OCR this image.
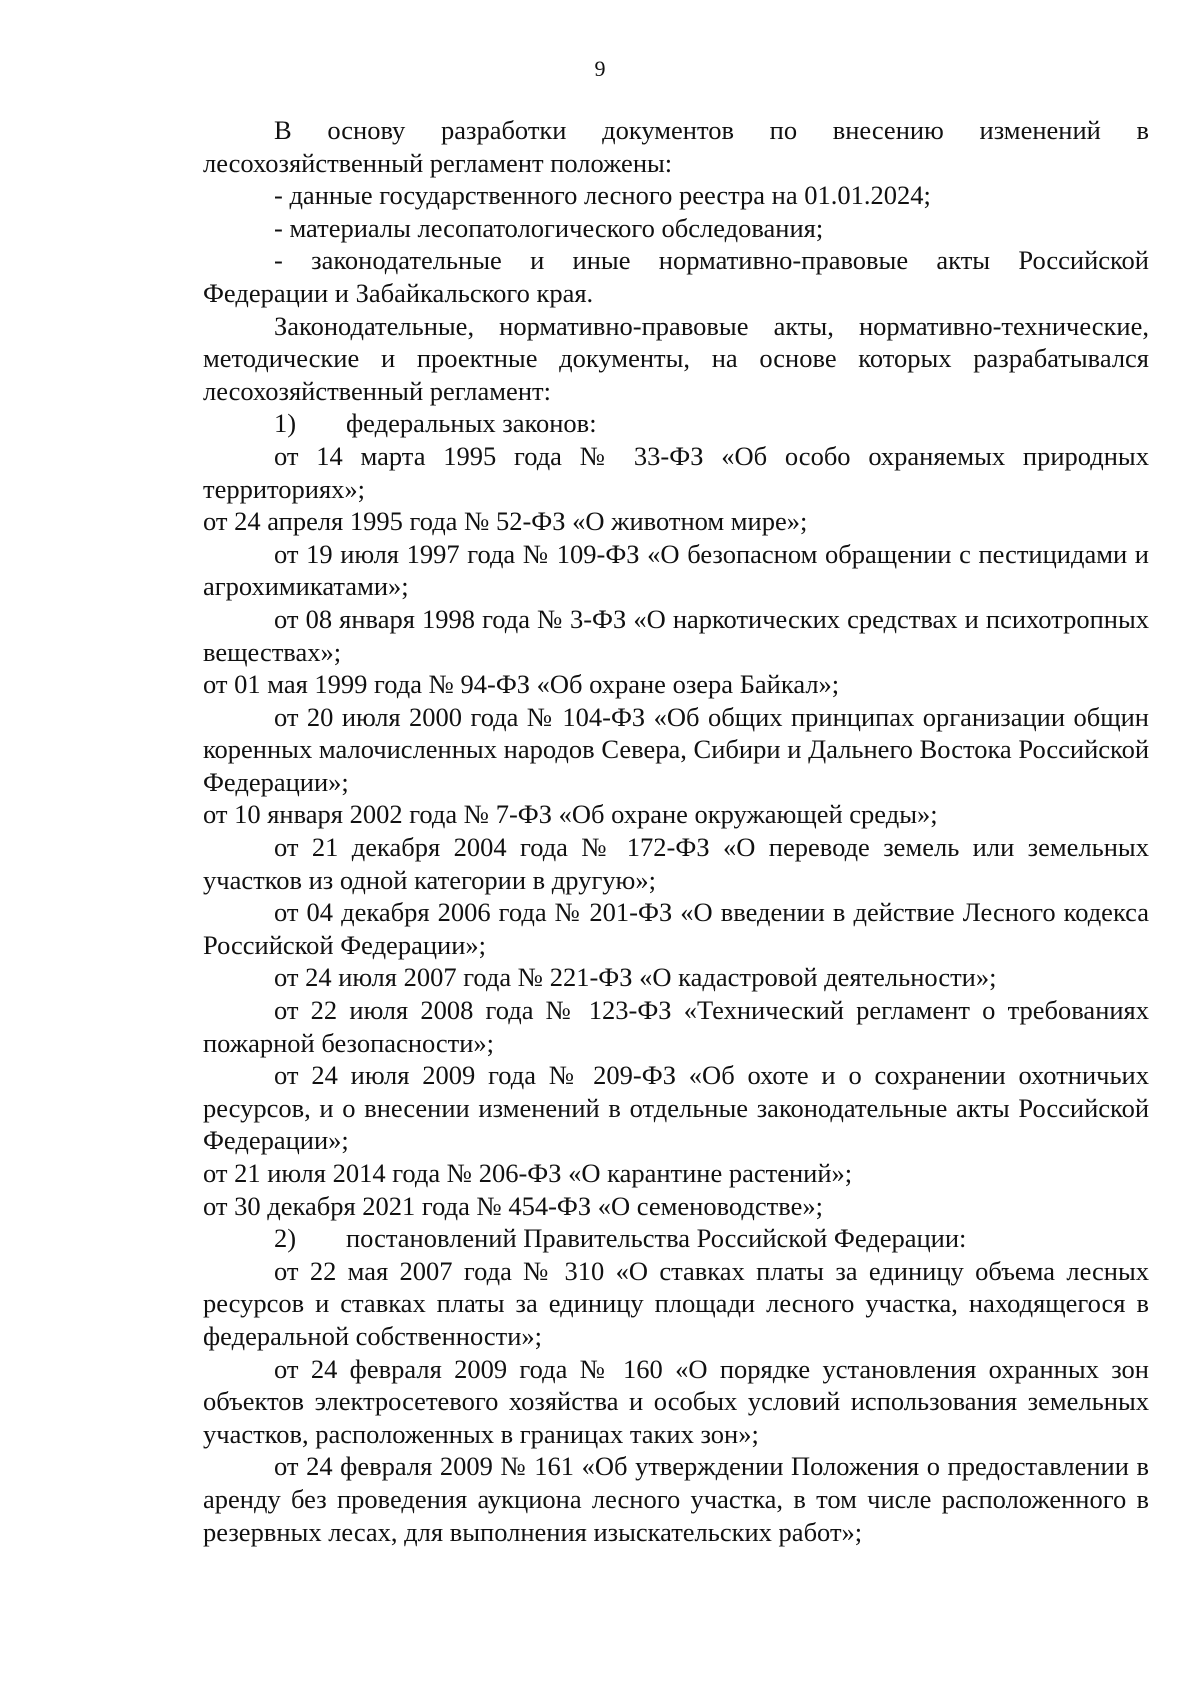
9

В основу разработки документов по внесению изменений в лесохозяйственный регламент положены:

- данные государственного лесного реестра на 01.01.2024;

- материалы лесопатологического обследования;

- законодательные и иные нормативно-правовые акты Российской Федерации и Забайкальского края.

Законодательные, нормативно-правовые акты, нормативно-технические, методические и проектные документы, на основе которых разрабатывался лесохозяйственный регламент:

1)	федеральных законов:

от 14 марта 1995 года № 33-ФЗ «Об особо охраняемых природных территориях»;

от 24 апреля 1995 года № 52-ФЗ «О животном мире»;

от 19 июля 1997 года № 109-ФЗ «О безопасном обращении с пестицидами и агрохимикатами»;

от 08 января 1998 года № 3-ФЗ «О наркотических средствах и психотропных веществах»;

от 01 мая 1999 года № 94-ФЗ «Об охране озера Байкал»;

от 20 июля 2000 года № 104-ФЗ «Об общих принципах организации общин коренных малочисленных народов Севера, Сибири и Дальнего Востока Российской Федерации»;

от 10 января 2002 года № 7-ФЗ «Об охране окружающей среды»;

от 21 декабря 2004 года № 172-ФЗ «О переводе земель или земельных участков из одной категории в другую»;

от 04 декабря 2006 года № 201-ФЗ «О введении в действие Лесного кодекса Российской Федерации»;

от 24 июля 2007 года № 221-ФЗ «О кадастровой деятельности»;

от 22 июля 2008 года № 123-ФЗ «Технический регламент о требованиях пожарной безопасности»;

от 24 июля 2009 года № 209-ФЗ «Об охоте и о сохранении охотничьих ресурсов, и о внесении изменений в отдельные законодательные акты Российской Федерации»;

от 21 июля 2014 года № 206-ФЗ «О карантине растений»;

от 30 декабря 2021 года № 454-ФЗ «О семеноводстве»;

2)	постановлений Правительства Российской Федерации:

от 22 мая 2007 года № 310 «О ставках платы за единицу объема лесных ресурсов и ставках платы за единицу площади лесного участка, находящегося в федеральной собственности»;

от 24 февраля 2009 года № 160 «О порядке установления охранных зон объектов электросетевого хозяйства и особых условий использования земельных участков, расположенных в границах таких зон»;

от 24 февраля 2009 № 161 «Об утверждении Положения о предоставлении в аренду без проведения аукциона лесного участка, в том числе расположенного в резервных лесах, для выполнения изыскательских работ»;
